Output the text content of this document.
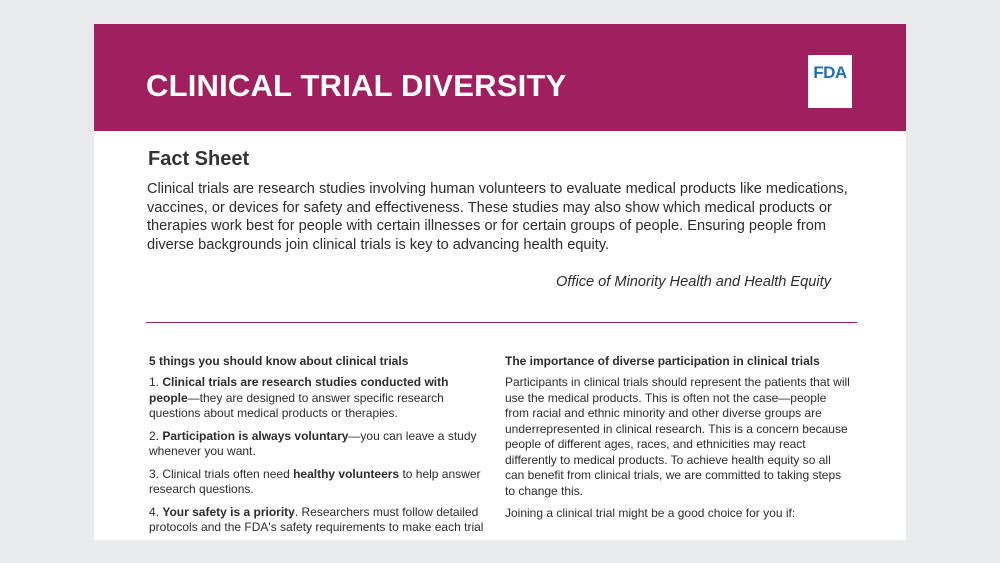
CLINICAL TRIAL DIVERSITY	FDA
Fact Sheet

Clinical trials are research studies involving human volunteers to evaluate medical products like medications, vaccines, or devices for safety and effectiveness. These studies may also show which medical products or therapies work best for people with certain illnesses or for certain groups of people. Ensuring people from diverse backgrounds join clinical trials is key to advancing health equity.

Office of Minority Health and Health Equity

5 things you should know about clinical trials

1. Clinical trials are research studies conducted with people—they are designed to answer specific research questions about medical products or therapies.

2. Participation is always voluntary—you can leave a study whenever you want.

3. Clinical trials often need healthy volunteers to help answer research questions.

4. Your safety is a priority. Researchers must follow detailed protocols and the FDA's safety requirements to make each trial

The importance of diverse participation in clinical trials

Participants in clinical trials should represent the patients that will use the medical products. This is often not the case—people from racial and ethnic minority and other diverse groups are underrepresented in clinical research. This is a concern because people of different ages, races, and ethnicities may react differently to medical products. To achieve health equity so all can benefit from clinical trials, we are committed to taking steps to change this.

Joining a clinical trial might be a good choice for you if:
